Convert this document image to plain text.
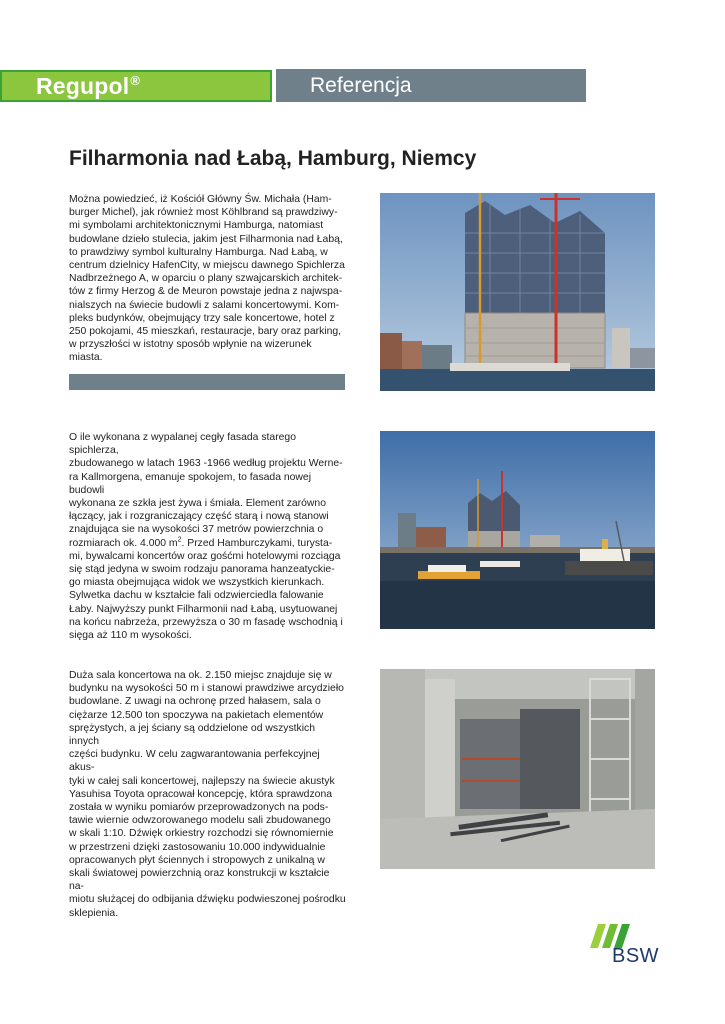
Regupol®	Referencja
Filharmonia nad Łabą, Hamburg, Niemcy

Można powiedzieć, iż Kościół Główny Św. Michała (Ham-
burger Michel), jak również most Köhlbrand są prawdziwy-
mi symbolami architektonicznymi Hamburga, natomiast
budowlane dzieło stulecia, jakim jest Filharmonia nad Łabą,
to prawdziwy symbol kulturalny Hamburga. Nad Łabą, w
centrum dzielnicy HafenCity, w miejscu dawnego Spichlerza
Nadbrzeżnego A, w oparciu o plany szwajcarskich architek-
tów z firmy Herzog & de Meuron powstaje jedna z najwspa-
nialszych na świecie budowli z salami koncertowymi. Kom-
pleks budynków, obejmujący trzy sale koncertowe, hotel z
250 pokojami, 45 mieszkań, restauracje, bary oraz parking,
w przyszłości w istotny sposób wpłynie na wizerunek miasta.

O ile wykonana z wypalanej cegły fasada starego spichlerza,
zbudowanego w latach 1963 -1966 według projektu Werne-
ra Kallmorgena, emanuje spokojem, to fasada nowej budowli
wykonana ze szkła jest żywa i śmiała. Element zarówno
łączący, jak i rozgraniczający część starą i nową stanowi
znajdująca sie na wysokości 37 metrów powierzchnia o
rozmiarach ok. 4.000 $m^2$. Przed Hamburczykami, turysta-
mi, bywalcami koncertów oraz gośćmi hotelowymi rozciąga
się stąd jedyna w swoim rodzaju panorama hanzeatyckie-
go miasta obejmująca widok we wszystkich kierunkach.
Sylwetka dachu w kształcie fali odzwierciedla falowanie
Łaby. Najwyższy punkt Filharmonii nad Łabą, usytuowanej
na końcu nabrzeża, przewyższa o 30 m fasadę wschodnią i
sięga aż 110 m wysokości.

Duża sala koncertowa na ok. 2.150 miejsc znajduje się w
budynku na wysokości 50 m i stanowi prawdziwe arcydzieło
budowlane. Z uwagi na ochronę przed hałasem, sala o
ciężarze 12.500 ton spoczywa na pakietach elementów
sprężystych, a jej ściany są oddzielone od wszystkich innych
części budynku. W celu zagwarantowania perfekcyjnej akus-
tyki w całej sali koncertowej, najlepszy na świecie akustyk
Yasuhisa Toyota opracował koncepcję, która sprawdzona
została w wyniku pomiarów przeprowadzonych na pods-
tawie wiernie odwzorowanego modelu sali zbudowanego
w skali 1:10. Dźwięk orkiestry rozchodzi się równomiernie
w przestrzeni dzięki zastosowaniu 10.000 indywidualnie
opracowanych płyt ściennych i stropowych z unikalną w
skali światowej powierzchnią oraz konstrukcji w kształcie na-
miotu służącej do odbijania dźwięku podwieszonej pośrodku
sklepienia.

BSW
